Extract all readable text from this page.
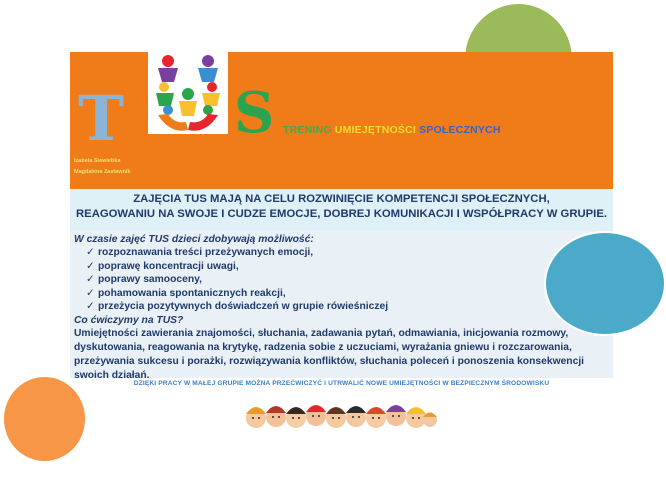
T S TRENING UMIEJĘTNOŚCI SPOŁECZNYCH
Izabela Siewiebka
Magdalena Zastawnik
ZAJĘCIA TUS MAJĄ NA CELU ROZWINIĘCIE KOMPETENCJI SPOŁECZNYCH,
REAGOWANIU NA SWOJE I CUDZE EMOCJE, DOBREJ KOMUNIKACJI I WSPÓŁPRACY W GRUPIE.
W czasie zajęć TUS dzieci zdobywają możliwość:
✓ rozpoznawania treści przeżywanych emocji,
✓ poprawę koncentracji uwagi,
✓ poprawy samooceny,
✓ pohamowania spontanicznych reakcji,
✓ przeżycia pozytywnych doświadczeń w grupie rówieśniczej
Co ćwiczymy na TUS?
Umiejętności zawierania znajomości, słuchania, zadawania pytań, odmawiania, inicjowania rozmowy, dyskutowania, reagowania na krytykę, radzenia sobie z uczuciami, wyrażania gniewu i rozczarowania, przeżywania sukcesu i porażki, rozwiązywania konfliktów, słuchania poleceń i ponoszenia konsekwencji swoich działań.
DZIĘKI PRACY W MAŁEJ GRUPIE MOŻNA PRZEĆWICZYĆ I UTRWALIĆ NOWE UMIEJĘTNOŚCI W BEZPIECZNYM ŚRODOWISKU
